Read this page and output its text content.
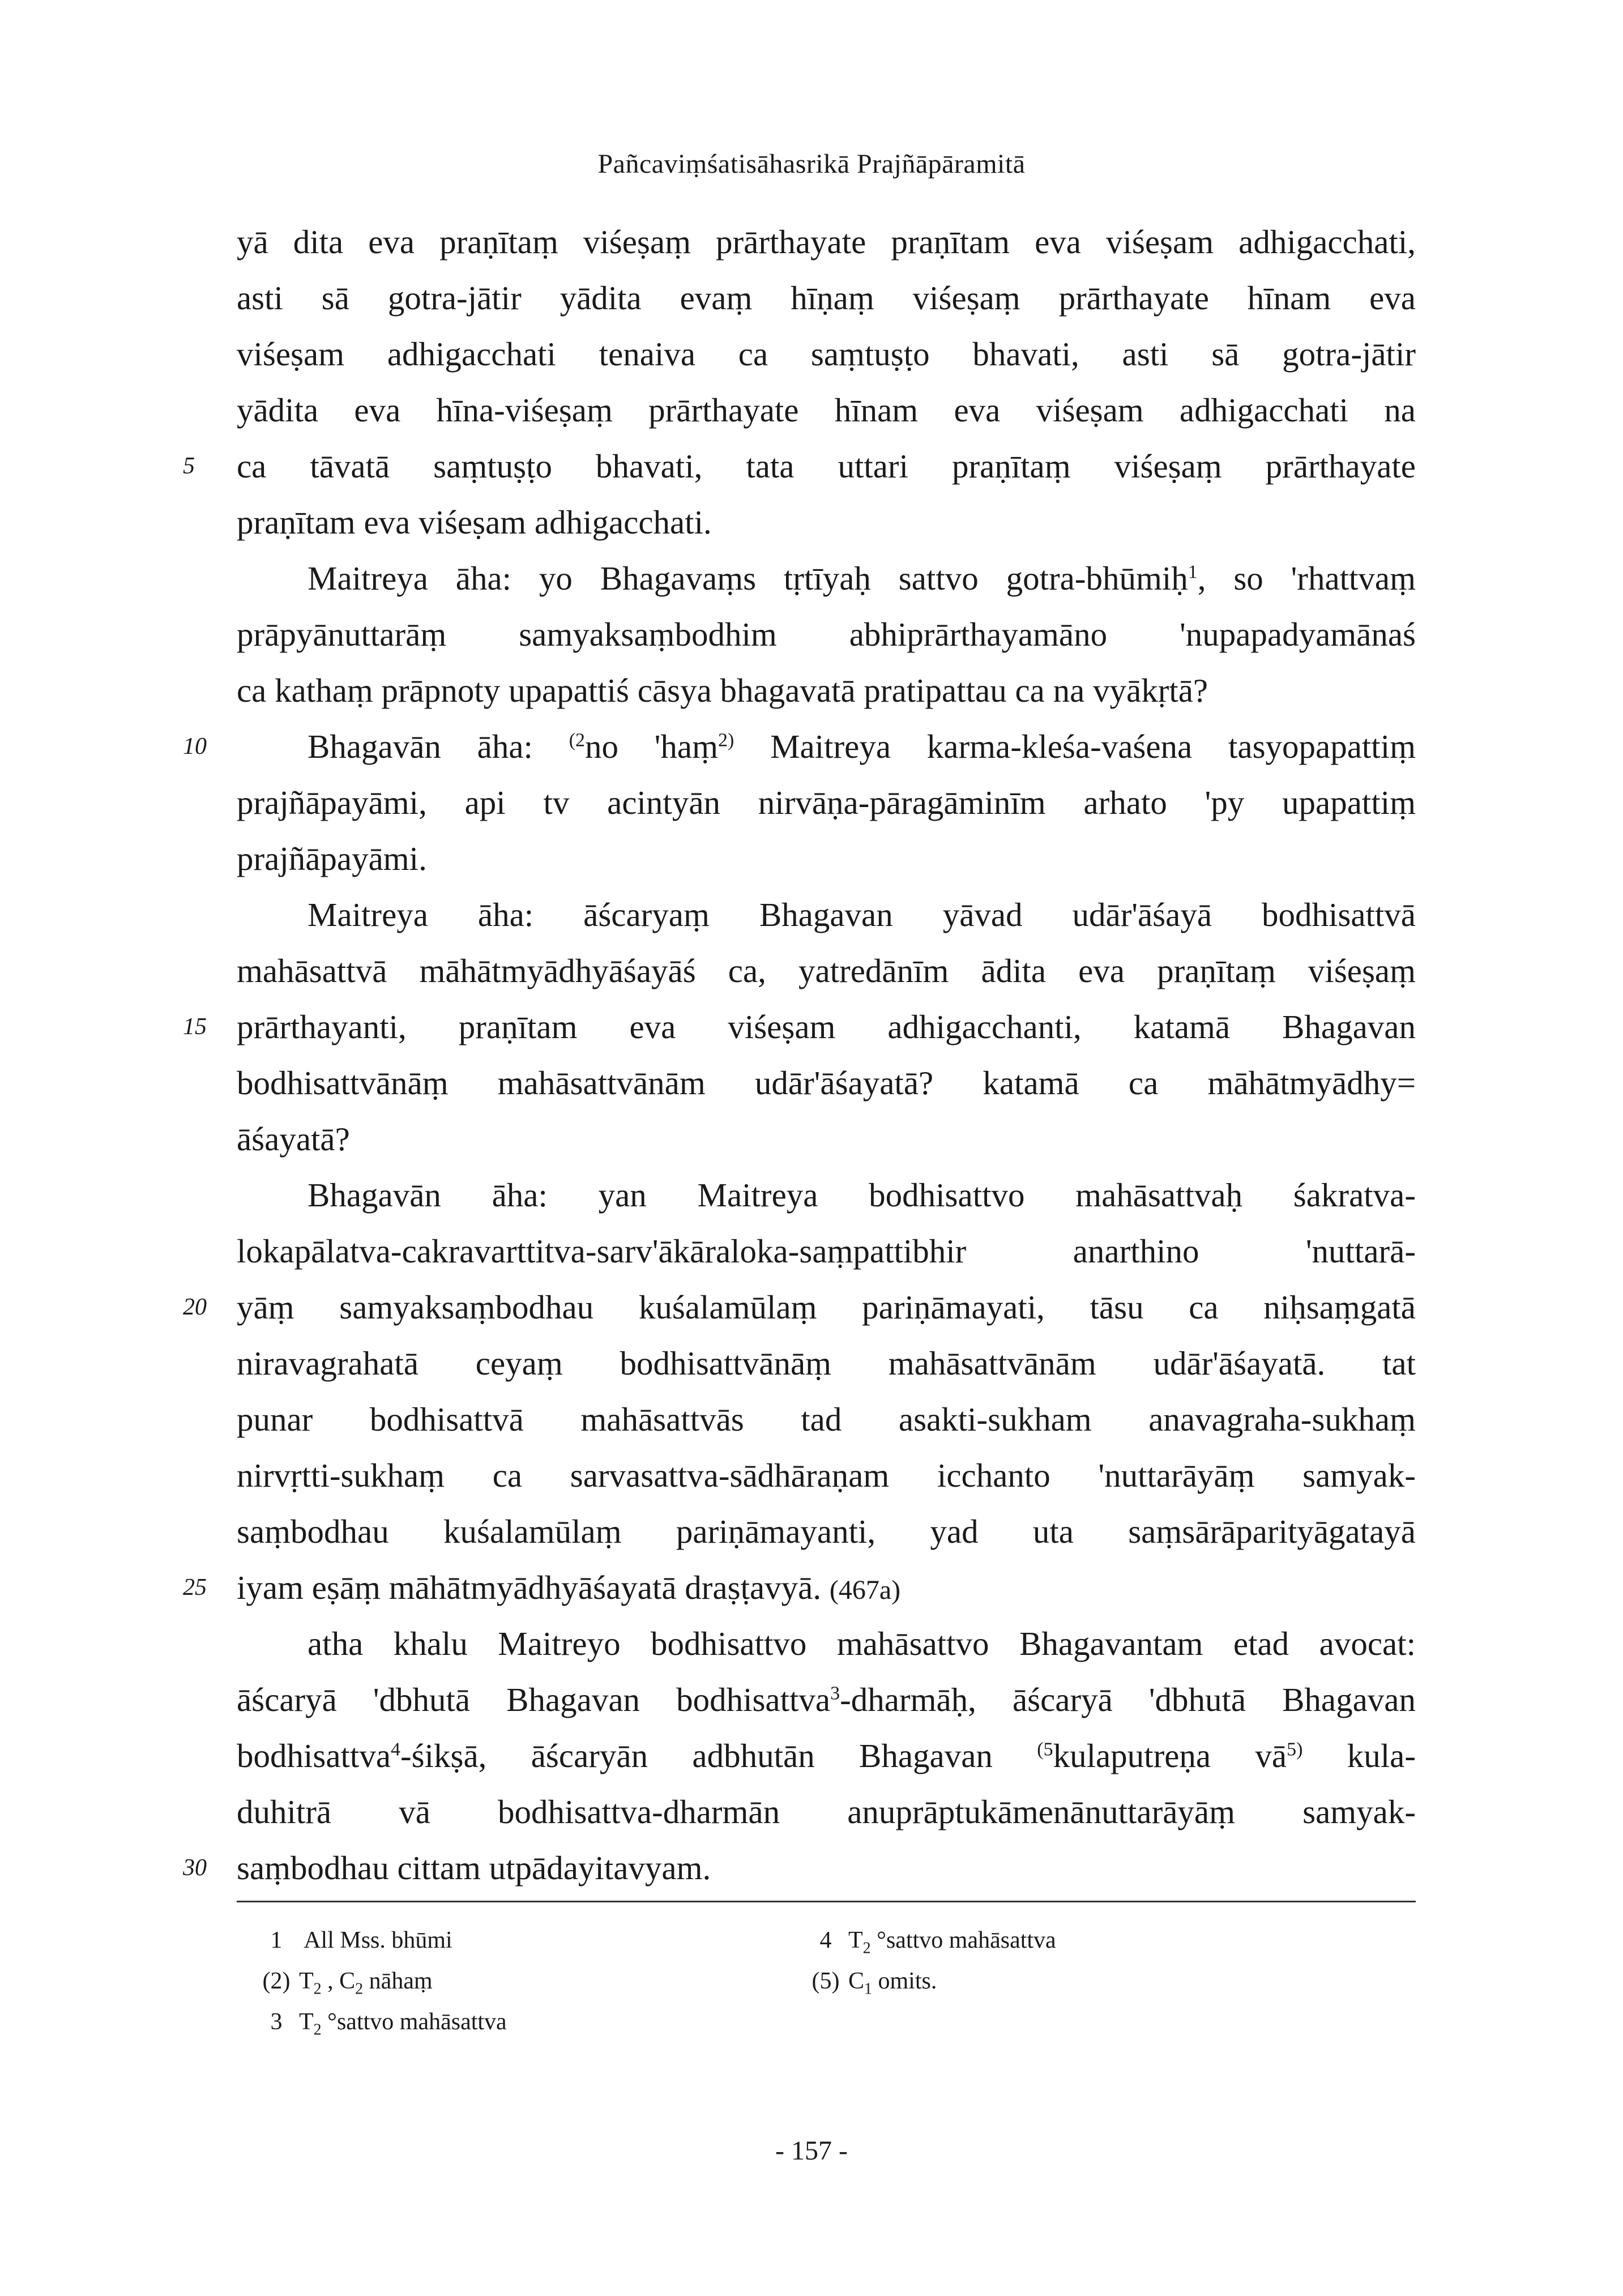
Pañcaviṃśatisāhasrikā Prajñāpāramitā
yā dita eva praṇītaṃ viśeṣaṃ prārthayate praṇītam eva viśeṣam adhigacchati,
asti sā gotra-jātir yādita evaṃ hīṇaṃ viśeṣaṃ prārthayate hīnam eva
viśeṣam adhigacchati tenaiva ca saṃtuṣṭo bhavati, asti sā gotra-jātir
yādita eva hīna-viśeṣaṃ prārthayate hīnam eva viśeṣam adhigacchati na
5	ca tāvatā saṃtuṣṭo bhavati, tata uttari praṇītaṃ viśeṣaṃ prārthayate
praṇītam eva viśeṣam adhigacchati.
Maitreya āha: yo Bhagavaṃs tṛtīyaḥ sattvo gotra-bhūmiḥ$^1$, so 'rhattvaṃ
prāpyānuttarāṃ samyaksaṃbodhim abhiprārthayamāno 'nupapadyamānaś
ca kathaṃ prāpnoty upapattiś cāsya bhagavatā pratipattau ca na vyākṛtā?
10	Bhagavān āha: $^{(2}$no 'haṃ$^{2)}$ Maitreya karma-kleśa-vaśena tasyopapattiṃ
prajñāpayāmi, api tv acintyān nirvāṇa-pāragāminīm arhato 'py upapattiṃ
prajñāpayāmi.
Maitreya āha: āścaryaṃ Bhagavan yāvad udār'āśayā bodhisattvā
mahāsattvā māhātmyādhyāśayāś ca, yatredānīm ādita eva praṇītaṃ viśeṣaṃ
15 prārthayanti, praṇītam eva viśeṣam adhigacchanti, katamā Bhagavan
bodhisattvānāṃ mahāsattvānām udār'āśayatā? katamā ca māhātmyādhy=
āśayatā?
Bhagavān āha: yan Maitreya bodhisattvo mahāsattvaḥ śakratva-
lokapālatva-cakravarttitva-sarv'ākāraloka-saṃpattibhir anarthino 'nuttarā-
20 yāṃ samyaksaṃbodhau kuśalamūlaṃ pariṇāmayati, tāsu ca niḥsaṃgatā
niravagrahatā ceyaṃ bodhisattvānāṃ mahāsattvānām udār'āśayatā. tat
punar bodhisattvā mahāsattvās tad asakti-sukham anavagraha-sukhaṃ
nirvṛtti-sukhaṃ ca sarvasattva-sādhāraṇam icchanto 'nuttarāyāṃ samyak-
saṃbodhau kuśalamūlaṃ pariṇāmayanti, yad uta saṃsārāparityāgatayā
25 iyam eṣāṃ māhātmyādhyāśayatā draṣṭavyā. (467a)
atha khalu Maitreyo bodhisattvo mahāsattvo Bhagavantam etad avocat:
āścaryā 'dbhutā Bhagavan bodhisattva$^3$-dharmāḥ, āścaryā 'dbhutā Bhagavan
bodhisattva$^4$-śikṣā, āścaryān adbhutān Bhagavan $^{(5}$kulaputreṇa $vā^{5)}$ kula-
duhitrā vā bodhisattva-dharmān anuprāptukāmenānuttarāyāṃ samyak-
30 saṃbodhau cittam utpādayitavyam.
1 All Mss. bhūmi
(2) $T_2$ , $C_2$ nāhaṃ
3 $T_2$ °sattvo mahāsattva
4 $T_2$ °sattvo mahāsattva
(5) $C_1$ omits.
- 157 -
